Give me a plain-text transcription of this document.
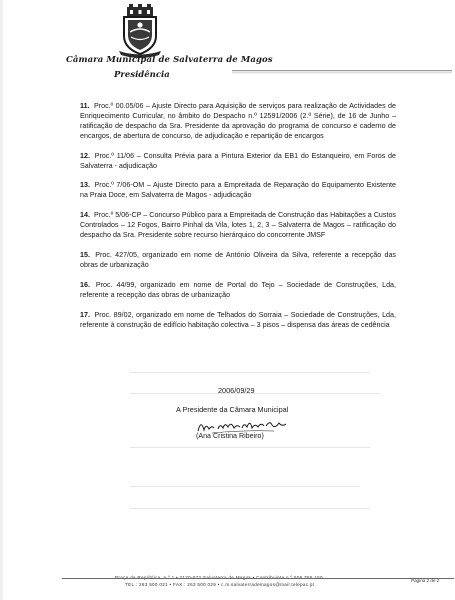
Câmara Municipal de Salvaterra de Magos
Presidência
11. Proc.º 00.05/06 – Ajuste Directo para Aquisição de serviços para realização de Actividades de Enriquecimento Curricular, no âmbito do Despacho n.º 12591/2006 (2.ª Série), de 16 de Junho – ratificação de despacho da Sra. Presidente da aprovação do programa de concurso e caderno de encargos, de abertura de concurso, de adjudicação e repartição de encargos
12. Proc.º 11/06 – Consulta Prévia para a Pintura Exterior da EB1 do Estanqueiro, em Foros de Salvaterra - adjudicação
13. Proc.º 7/06-OM – Ajuste Directo para a Empreitada de Reparação do Equipamento Existente na Praia Doce, em Salvaterra de Magos - adjudicação
14. Proc.º 5/06-CP – Concurso Público para a Empreitada de Construção das Habitações a Custos Controlados – 12 Fogos, Bairro Pinhal da Vila, lotes 1, 2, 3 – Salvaterra de Magos – ratificação do despacho da Sra. Presidente sobre recurso hierárquico do concorrente JMSF
15. Proc. 427/05, organizado em nome de António Oliveira da Silva, referente a recepção das obras de urbanização
16. Proc. 44/99, organizado em nome de Portal do Tejo – Sociedade de Construções, Lda, referente a recepção das obras de urbanização
17. Proc. 89/02, organizado em nome de Telhados do Sorraia – Sociedade de Construções, Lda, referente à construção de edifício habitação colectiva – 3 pisos – dispensa das áreas de cedência
2006/09/29
A Presidente da Câmara Municipal
(Ana Cristina Ribeiro)
TEL.: 263 500 021 • FAX.: 263 500 029 • c.m.salvaterrademagos@mail.telepac.pt
Página 2 de 2
